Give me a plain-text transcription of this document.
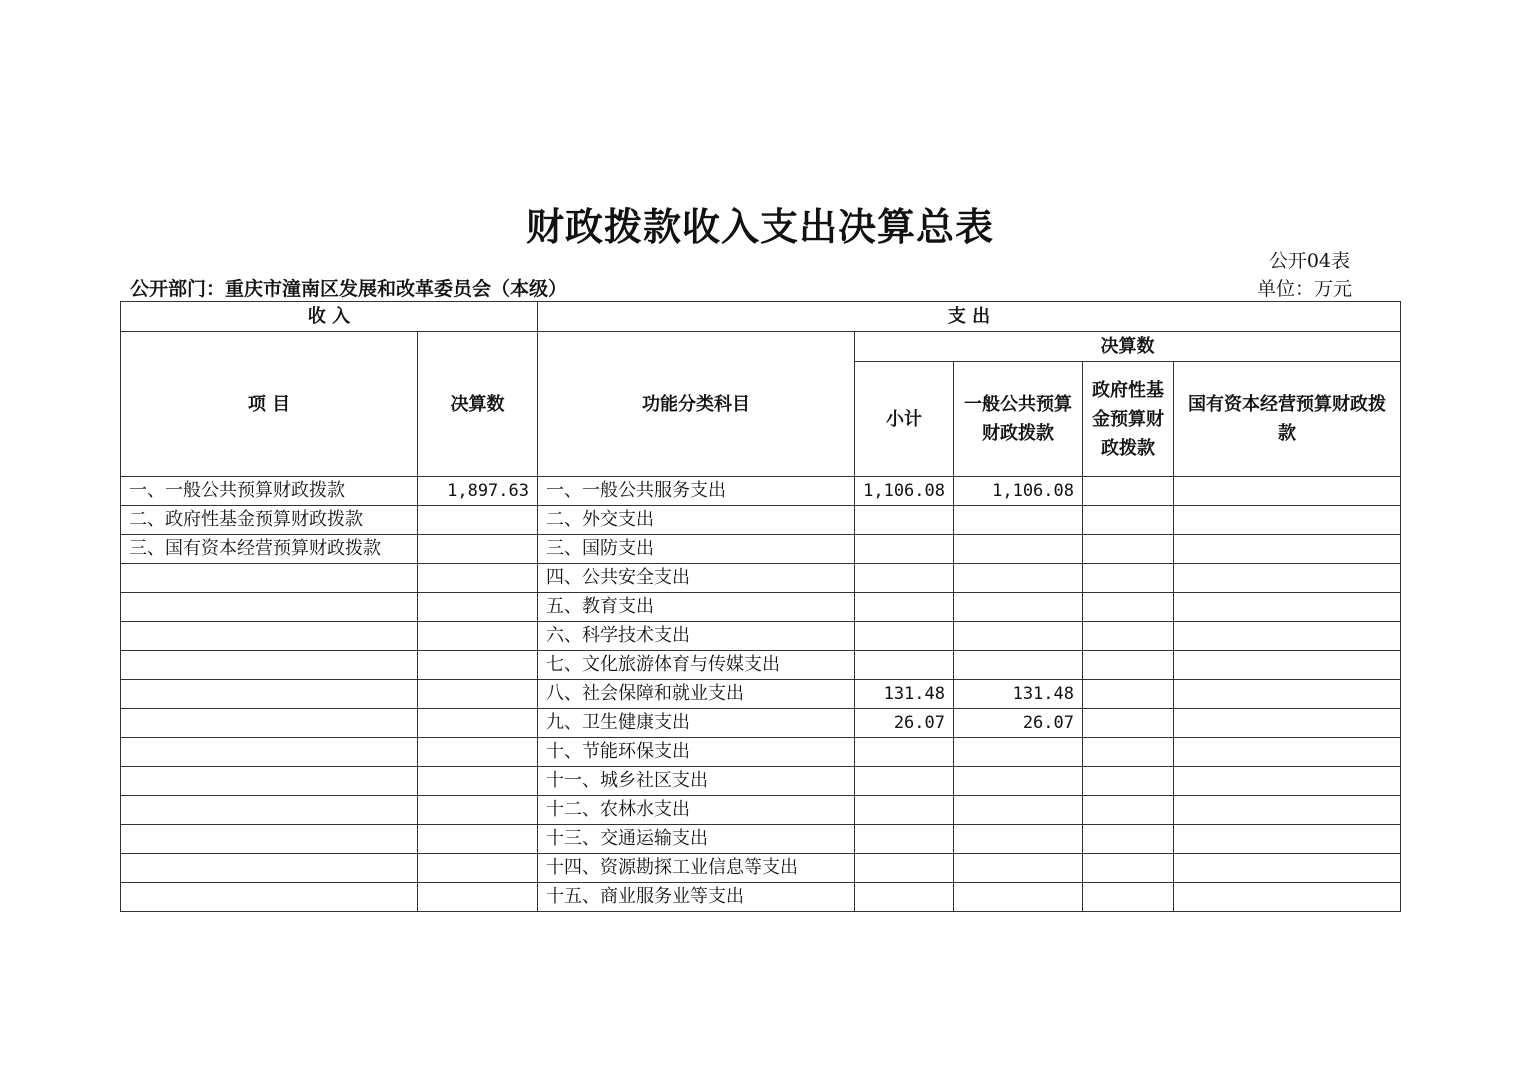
财政拨款收入支出决算总表
公开04表
公开部门：重庆市潼南区发展和改革委员会（本级）	单位：万元
收 入		支 出				
项 目	决算数	功能分类科目	决算数			
			小计	一般公共预算财政拨款	政府性基金预算财政拨款	国有资本经营预算财政拨款
一、一般公共预算财政拨款	1,897.63	一、一般公共服务支出	1,106.08	1,106.08		
二、政府性基金预算财政拨款		二、外交支出				
三、国有资本经营预算财政拨款		三、国防支出				
		四、公共安全支出				
		五、教育支出				
		六、科学技术支出				
		七、文化旅游体育与传媒支出				
		八、社会保障和就业支出	131.48	131.48		
		九、卫生健康支出	26.07	26.07		
		十、节能环保支出				
		十一、城乡社区支出				
		十二、农林水支出				
		十三、交通运输支出				
		十四、资源勘探工业信息等支出				
		十五、商业服务业等支出				
